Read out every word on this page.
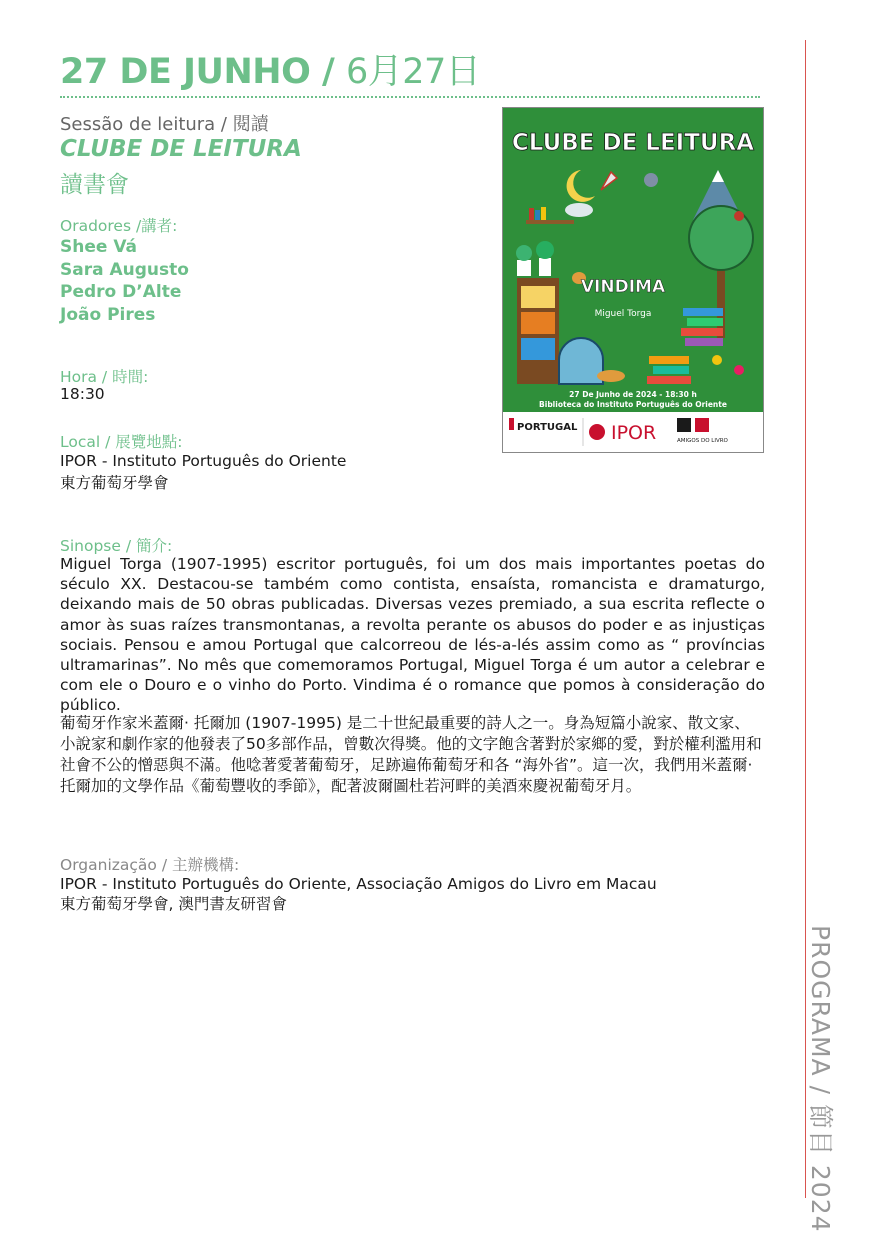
27 DE JUNHO / 6月27日
Sessão de leitura / 閱讀
CLUBE DE LEITURA
讀書會
Oradores /講者:
Shee Vá
Sara Augusto
Pedro D’Alte
João Pires
Hora / 時間:
18:30
Local / 展覽地點:
IPOR - Instituto Português do Oriente
東方葡萄牙學會
Sinopse / 簡介:
Miguel Torga (1907-1995) escritor português, foi um dos mais importantes poetas do século XX. Destacou-se também como contista, ensaísta, romancista e dramaturgo, deixando mais de 50 obras publicadas. Diversas vezes premiado, a sua escrita reflecte o amor às suas raízes transmontanas, a revolta perante os abusos do poder e as injustiças sociais. Pensou e amou Portugal que calcorreou de lés-a-lés assim como as “ províncias ultramarinas”. No mês que comemoramos Portugal, Miguel Torga é um autor a celebrar e com ele o Douro e o vinho do Porto. Vindima é o romance que pomos à consideração do público.
葡萄牙作家米蓋爾· 托爾加 (1907-1995) 是二十世紀最重要的詩人之一。身為短篇小說家、散文家、小說家和劇作家的他發表了50多部作品，曾數次得獎。他的文字飽含著對於家鄉的愛，對於權利濫用和社會不公的憎惡與不滿。他唸著愛著葡萄牙，足跡遍佈葡萄牙和各 “海外省”。這一次，我們用米蓋爾· 托爾加的文學作品《葡萄豐收的季節》，配著波爾圖杜若河畔的美酒來慶祝葡萄牙月。
Organização / 主辦機構:
IPOR - Instituto Português do Oriente, Associação Amigos do Livro em Macau
東方葡萄牙學會, 澳門書友研習會
CLUBE DE LEITURA
VINDIMA
Miguel Torga
27 De Junho de 2024 - 18:30 h
Biblioteca do Instituto Português do Oriente
PORTUGAL IPOR	AMIGOS DO LIVRO
PROGRAMA / 節目 2024
